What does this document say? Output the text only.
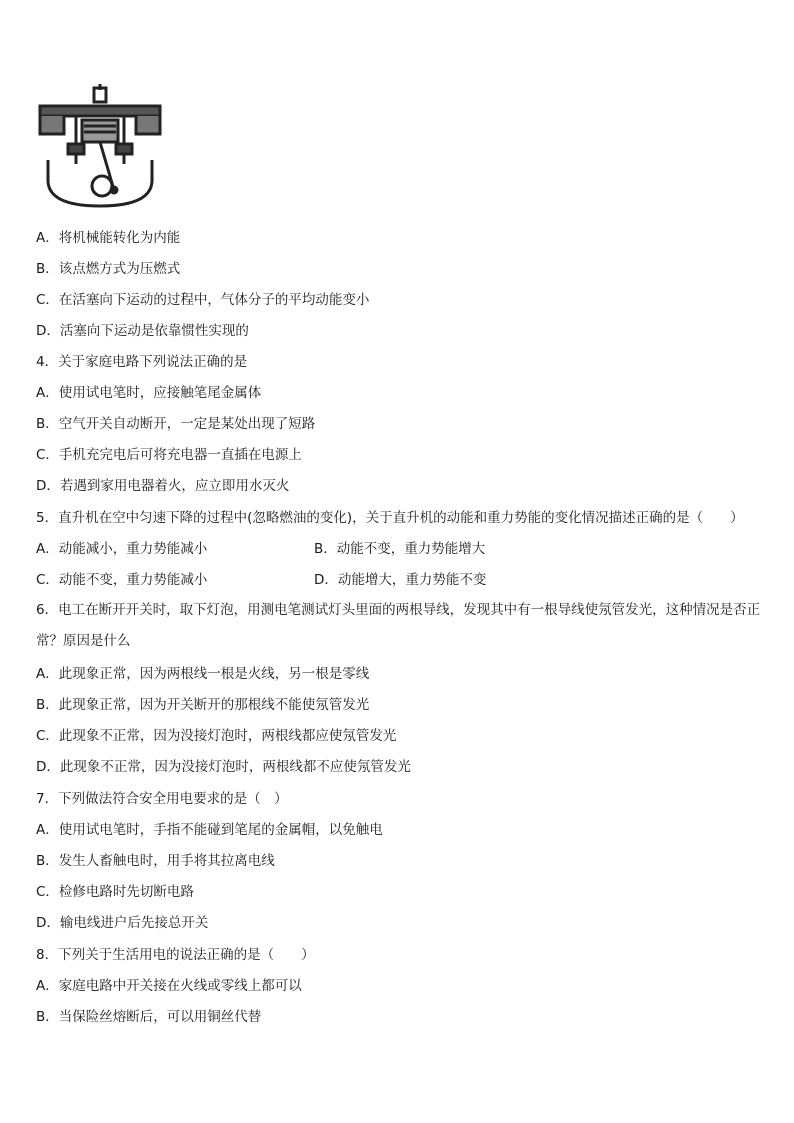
A．将机械能转化为内能
B．该点燃方式为压燃式
C．在活塞向下运动的过程中，气体分子的平均动能变小
D．活塞向下运动是依靠惯性实现的
4．关于家庭电路下列说法正确的是
A．使用试电笔时，应接触笔尾金属体
B．空气开关自动断开，一定是某处出现了短路
C．手机充完电后可将充电器一直插在电源上
D．若遇到家用电器着火，应立即用水灭火
5．直升机在空中匀速下降的过程中(忽略燃油的变化)，关于直升机的动能和重力势能的变化情况描述正确的是（　　）
A．动能减小，重力势能减小	B．动能不变，重力势能增大
C．动能不变，重力势能减小	D．动能增大，重力势能不变
6．电工在断开开关时，取下灯泡，用测电笔测试灯头里面的两根导线，发现其中有一根导线使氖管发光，这种情况是否正常？原因是什么
A．此现象正常，因为两根线一根是火线，另一根是零线
B．此现象正常，因为开关断开的那根线不能使氖管发光
C．此现象不正常，因为没接灯泡时，两根线都应使氖管发光
D．此现象不正常，因为没接灯泡时，两根线都不应使氖管发光
7．下列做法符合安全用电要求的是（　）
A．使用试电笔时，手指不能碰到笔尾的金属帽，以免触电
B．发生人畜触电时，用手将其拉离电线
C．检修电路时先切断电路
D．输电线进户后先接总开关
8．下列关于生活用电的说法正确的是（　　）
A．家庭电路中开关接在火线或零线上都可以
B．当保险丝熔断后，可以用铜丝代替
